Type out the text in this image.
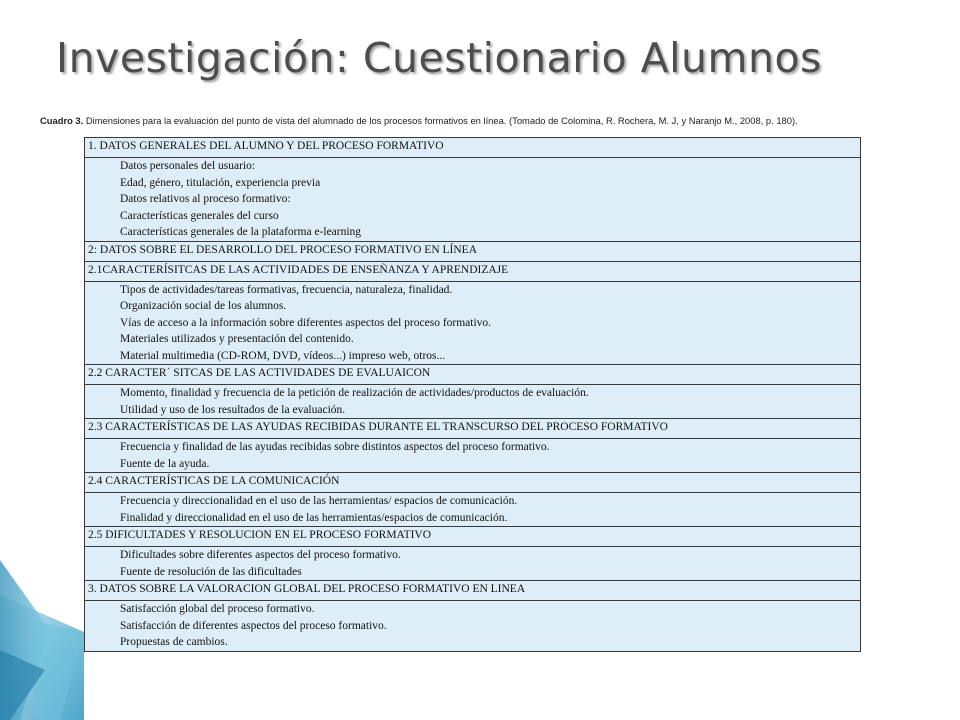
Investigación: Cuestionario Alumnos
Cuadro 3. Dimensiones para la evaluación del punto de vista del alumnado de los procesos formativos en línea. (Tomado de Colomina, R. Rochera, M. J, y Naranjo M., 2008, p. 180).
1. DATOS GENERALES DEL ALUMNO Y DEL PROCESO FORMATIVO

Datos personales del usuario:
Edad, género, titulación, experiencia previa
Datos relativos al proceso formativo:
Características generales del curso
Características generales de la plataforma e-learning

2: DATOS SOBRE EL DESARROLLO DEL PROCESO FORMATIVO EN LÍNEA
2.1CARACTERÍSITCAS DE LAS ACTIVIDADES DE ENSEÑANZA Y APRENDIZAJE

Tipos de actividades/tareas formativas, frecuencia, naturaleza, finalidad.
Organización social de los alumnos.
Vías de acceso a la información sobre diferentes aspectos del proceso formativo.
Materiales utilizados y presentación del contenido.
Material multimedia (CD-ROM, DVD, vídeos...) impreso web, otros...

2.2 CARACTER´ SITCAS DE LAS ACTIVIDADES DE EVALUAICON

Momento, finalidad y frecuencia de la petición de realización de actividades/productos de evaluación.
Utilidad y uso de los resultados de la evaluación.

2.3 CARACTERÍSTICAS DE LAS AYUDAS RECIBIDAS DURANTE EL TRANSCURSO DEL PROCESO FORMATIVO

Frecuencia y finalidad de las ayudas recibidas sobre distintos aspectos del proceso formativo.
Fuente de la ayuda.

2.4 CARACTERÍSTICAS DE LA COMUNICACIÓN

Frecuencia y direccionalidad en el uso de las herramientas/ espacios de comunicación.
Finalidad y direccionalidad en el uso de las herramientas/espacios de comunicación.

2.5 DIFICULTADES Y RESOLUCION EN EL PROCESO FORMATIVO

Dificultades sobre diferentes aspectos del proceso formativo.
Fuente de resolución de las dificultades

3. DATOS SOBRE LA VALORACION GLOBAL DEL PROCESO FORMATIVO EN LINEA

Satisfacción global del proceso formativo.
Satisfacción de diferentes aspectos del proceso formativo.
Propuestas de cambios.
